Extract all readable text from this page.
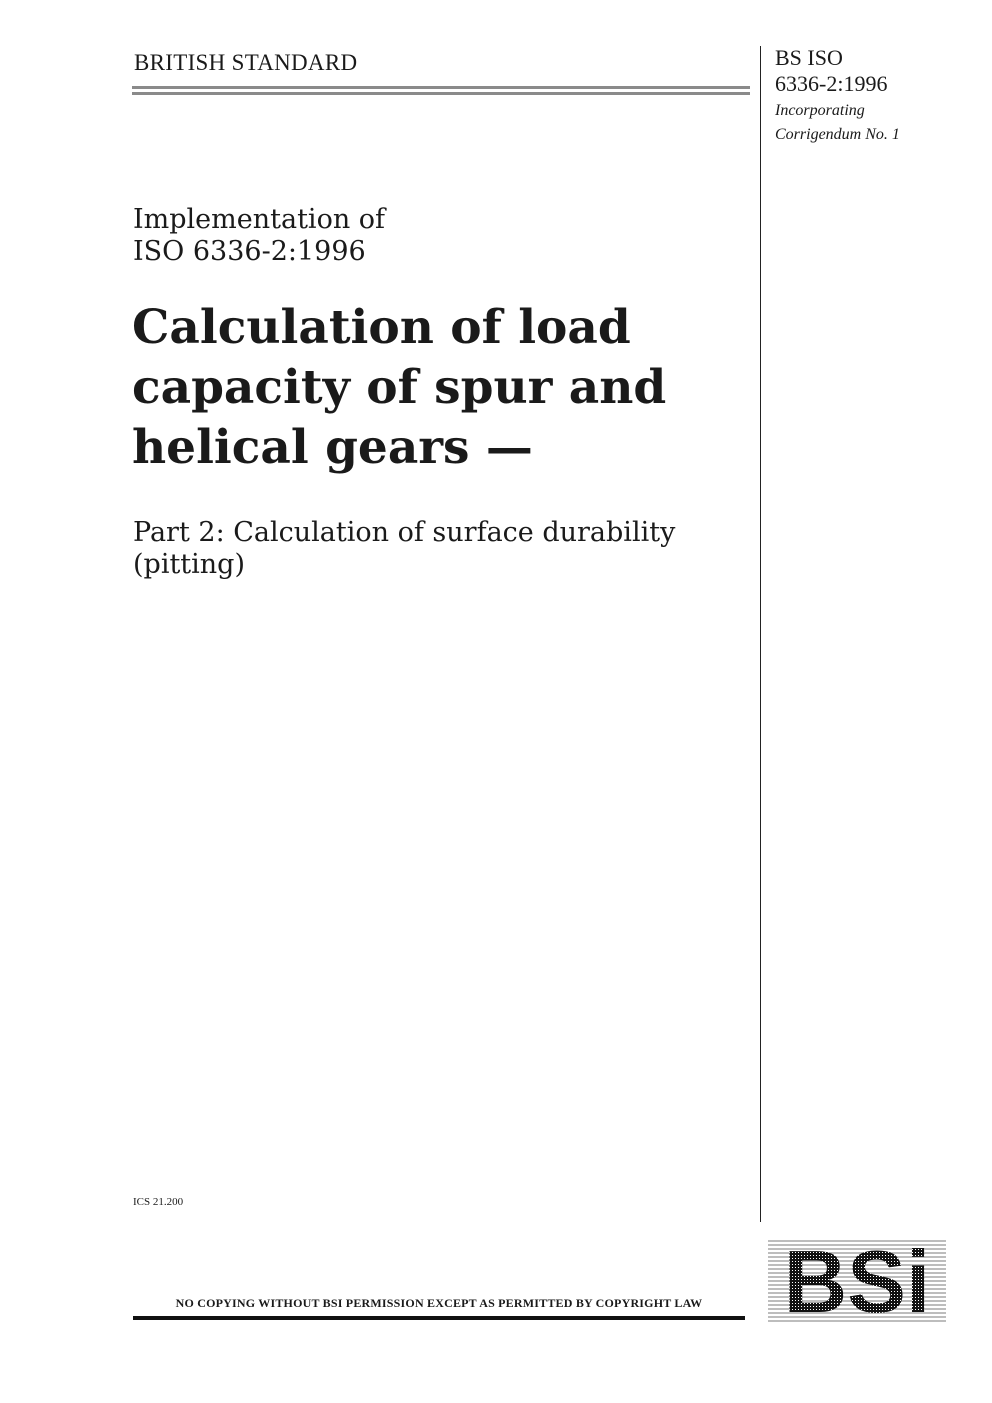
BRITISH STANDARD	BS ISO
6336-2:1996
Incorporating
Corrigendum No. 1
Implementation of
ISO 6336-2:1996
Calculation of load
capacity of spur and
helical gears —
Part 2: Calculation of surface durability
(pitting)
ICS 21.200
NO COPYING WITHOUT BSI PERMISSION EXCEPT AS PERMITTED BY COPYRIGHT LAW BSi
